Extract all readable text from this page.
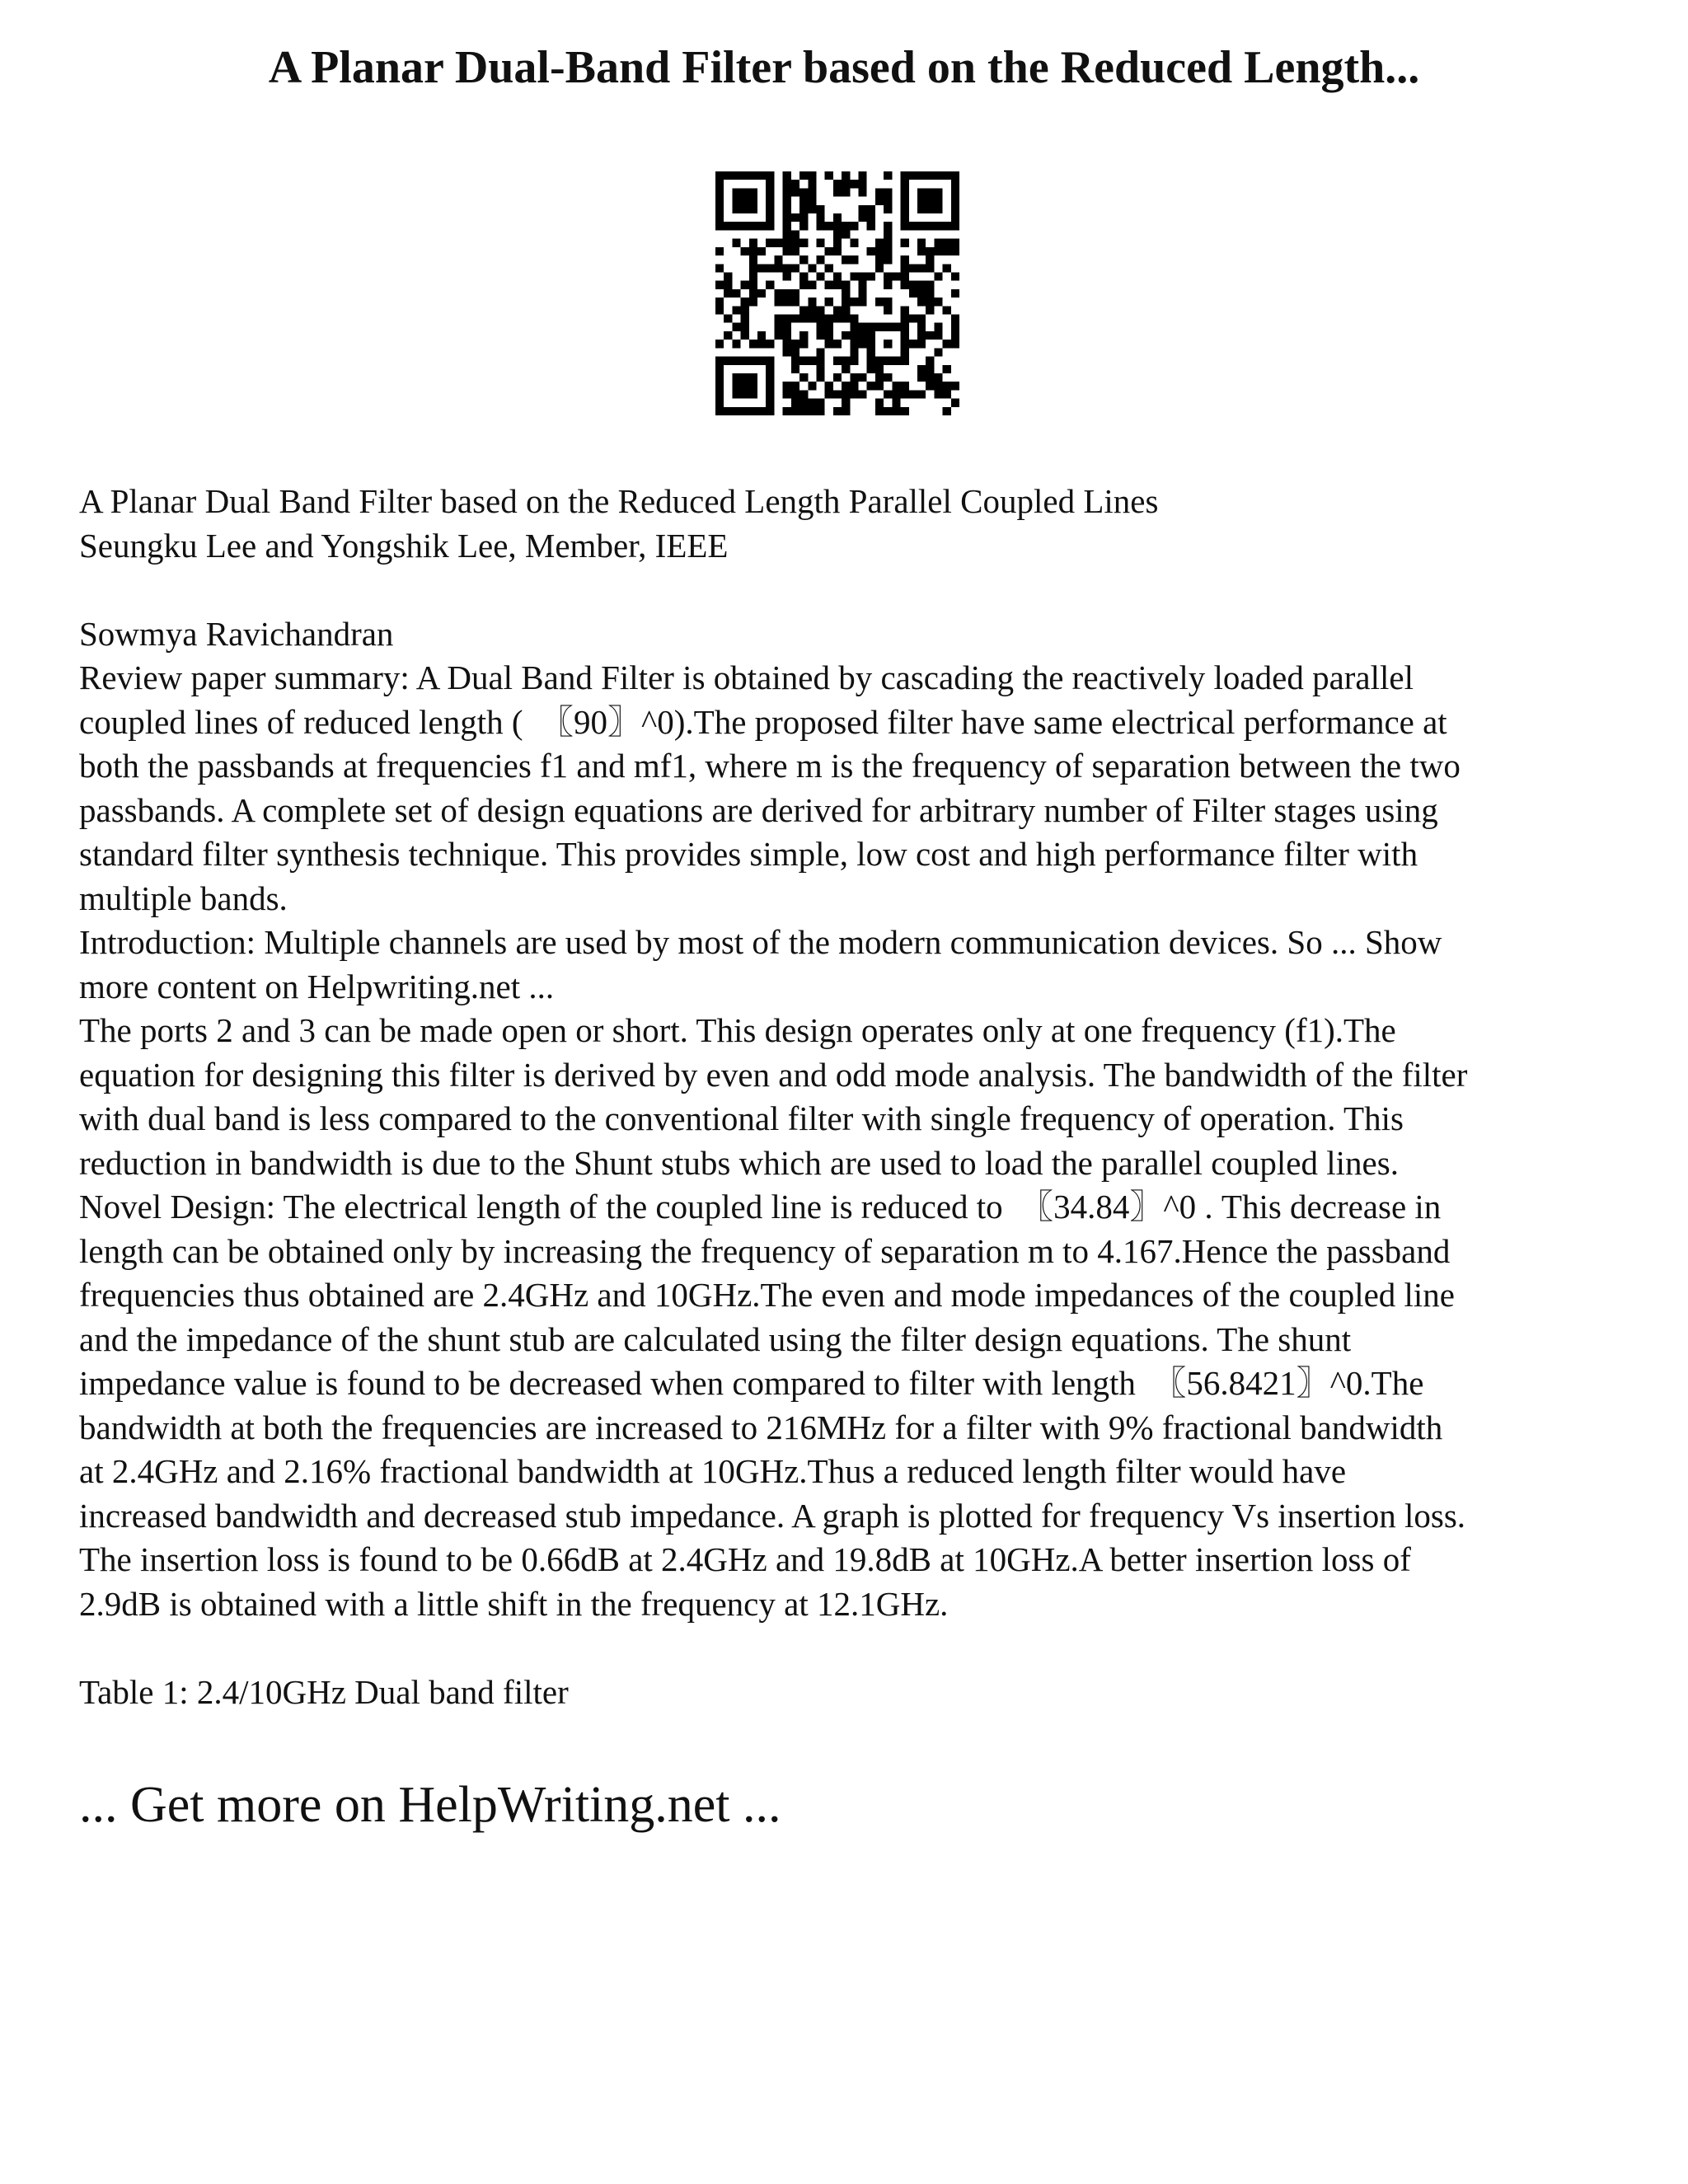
A Planar Dual-Band Filter based on the Reduced Length...
A Planar Dual Band Filter based on the Reduced Length Parallel Coupled Lines
Seungku Lee and Yongshik Lee, Member, IEEE
Sowmya Ravichandran
Review paper summary: A Dual Band Filter is obtained by cascading the reactively loaded parallel
coupled lines of reduced length (  〖90〗^0).The proposed filter have same electrical performance at
both the passbands at frequencies f1 and mf1, where m is the frequency of separation between the two
passbands. A complete set of design equations are derived for arbitrary number of Filter stages using
standard filter synthesis technique. This provides simple, low cost and high performance filter with
multiple bands.
Introduction: Multiple channels are used by most of the modern communication devices. So ... Show
more content on Helpwriting.net ...
The ports 2 and 3 can be made open or short. This design operates only at one frequency (f1).The
equation for designing this filter is derived by even and odd mode analysis. The bandwidth of the filter
with dual band is less compared to the conventional filter with single frequency of operation. This
reduction in bandwidth is due to the Shunt stubs which are used to load the parallel coupled lines.
Novel Design: The electrical length of the coupled line is reduced to  〖34.84〗^0 . This decrease in
length can be obtained only by increasing the frequency of separation m to 4.167.Hence the passband
frequencies thus obtained are 2.4GHz and 10GHz.The even and mode impedances of the coupled line
and the impedance of the shunt stub are calculated using the filter design equations. The shunt
impedance value is found to be decreased when compared to filter with length  〖56.8421〗^0.The
bandwidth at both the frequencies are increased to 216MHz for a filter with 9% fractional bandwidth
at 2.4GHz and 2.16% fractional bandwidth at 10GHz.Thus a reduced length filter would have
increased bandwidth and decreased stub impedance. A graph is plotted for frequency Vs insertion loss.
The insertion loss is found to be 0.66dB at 2.4GHz and 19.8dB at 10GHz.A better insertion loss of
2.9dB is obtained with a little shift in the frequency at 12.1GHz.
Table 1: 2.4/10GHz Dual band filter

... Get more on HelpWriting.net ...
